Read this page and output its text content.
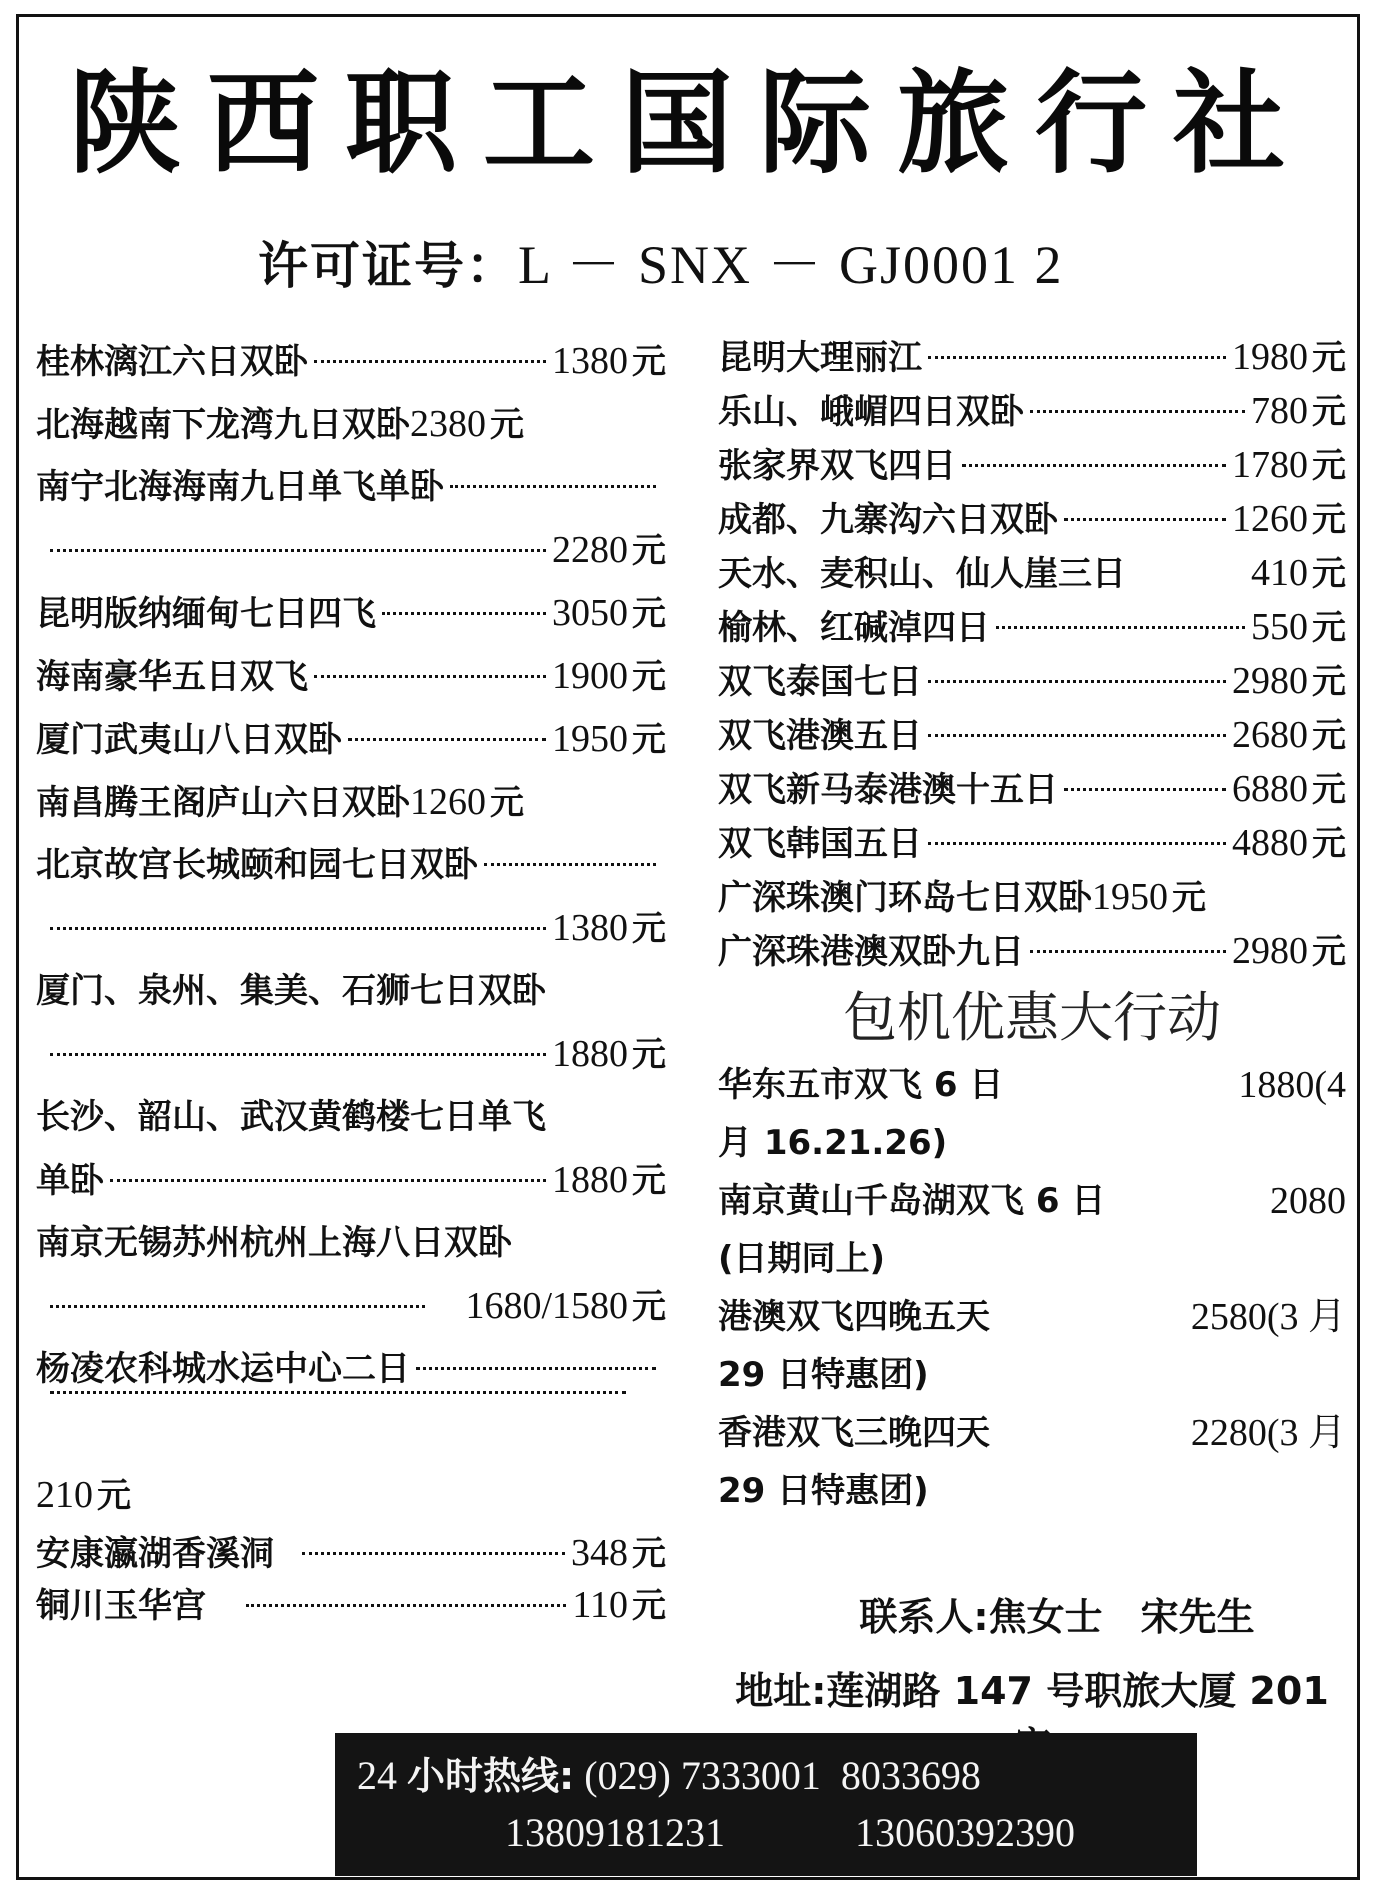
陕西职工国际旅行社
许可证号：L － SNX － GJ0001 2
桂林漓江六日双卧	1380 元
北海越南下龙湾九日双卧 2380 元
南宁北海海南九日单飞单卧
2280 元
昆明版纳缅甸七日四飞	3050 元
海南豪华五日双飞	1900 元
厦门武夷山八日双卧	1950 元
南昌腾王阁庐山六日双卧 1260 元
北京故宫长城颐和园七日双卧
1380 元
厦门、泉州、集美、石狮七日双卧
1880 元
长沙、韶山、武汉黄鹤楼七日单飞
单卧	1880 元
南京无锡苏州杭州上海八日双卧
1680/1580 元
杨凌农科城水运中心二日
210 元
安康瀛湖香溪洞	348 元
铜川玉华宫	110 元
昆明大理丽江	1980 元
乐山、峨嵋四日双卧	780 元
张家界双飞四日	1780 元
成都、九寨沟六日双卧	1260 元
天水、麦积山、仙人崖三日	410 元
榆林、红碱淖四日	550 元
双飞泰国七日	2980 元
双飞港澳五日	2680 元
双飞新马泰港澳十五日	6880 元
双飞韩国五日	4880 元
广深珠澳门环岛七日双卧 1950 元
广深珠港澳双卧九日	2980 元
包机优惠大行动
华东五市双飞 6 日	1880(4
月 16.21.26)
南京黄山千岛湖双飞 6 日	2080
(日期同上)
港澳双飞四晚五天	2580(3 月
29 日特惠团)
香港双飞三晚四天	2280(3 月
29 日特惠团)
联系人:焦女士　宋先生
地址:莲湖路 147 号职旅大厦 201
24 小时热线: (029) 7333001 8033698
13809181231	13060392390
